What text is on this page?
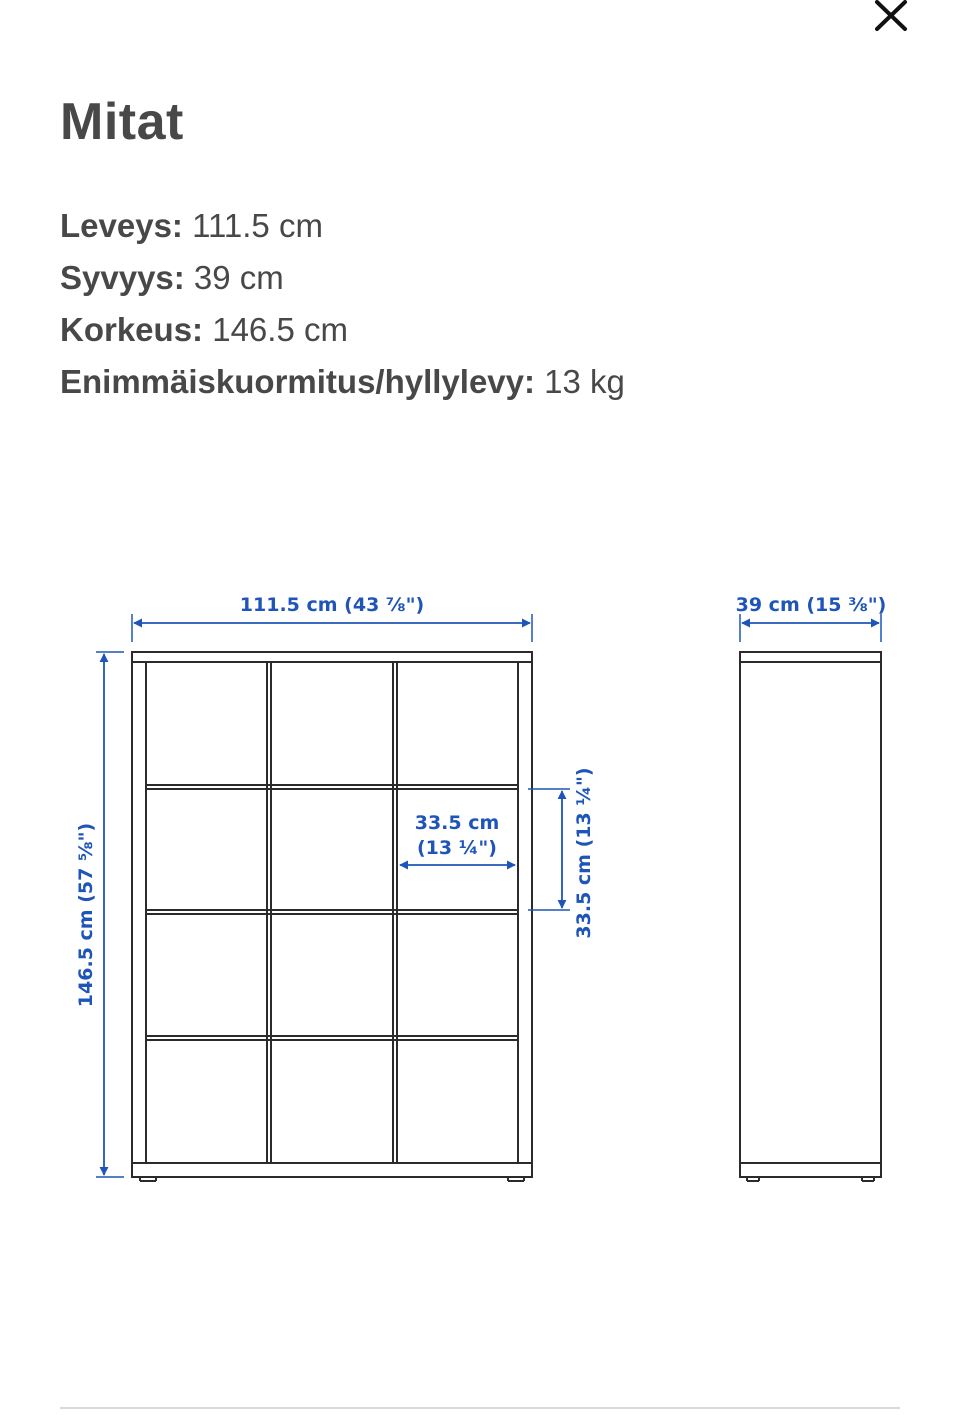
Mitat
Leveys: 111.5 cm
Syvyys: 39 cm
Korkeus: 146.5 cm
Enimmäiskuormitus/hyllylevy: 13 kg
111.5 cm (43 ⅞")	39 cm (15 ⅜")
146.5 cm (57 ⅝")	33.5 cm (13 ¼")
33.5 cm
(13 ¼")
